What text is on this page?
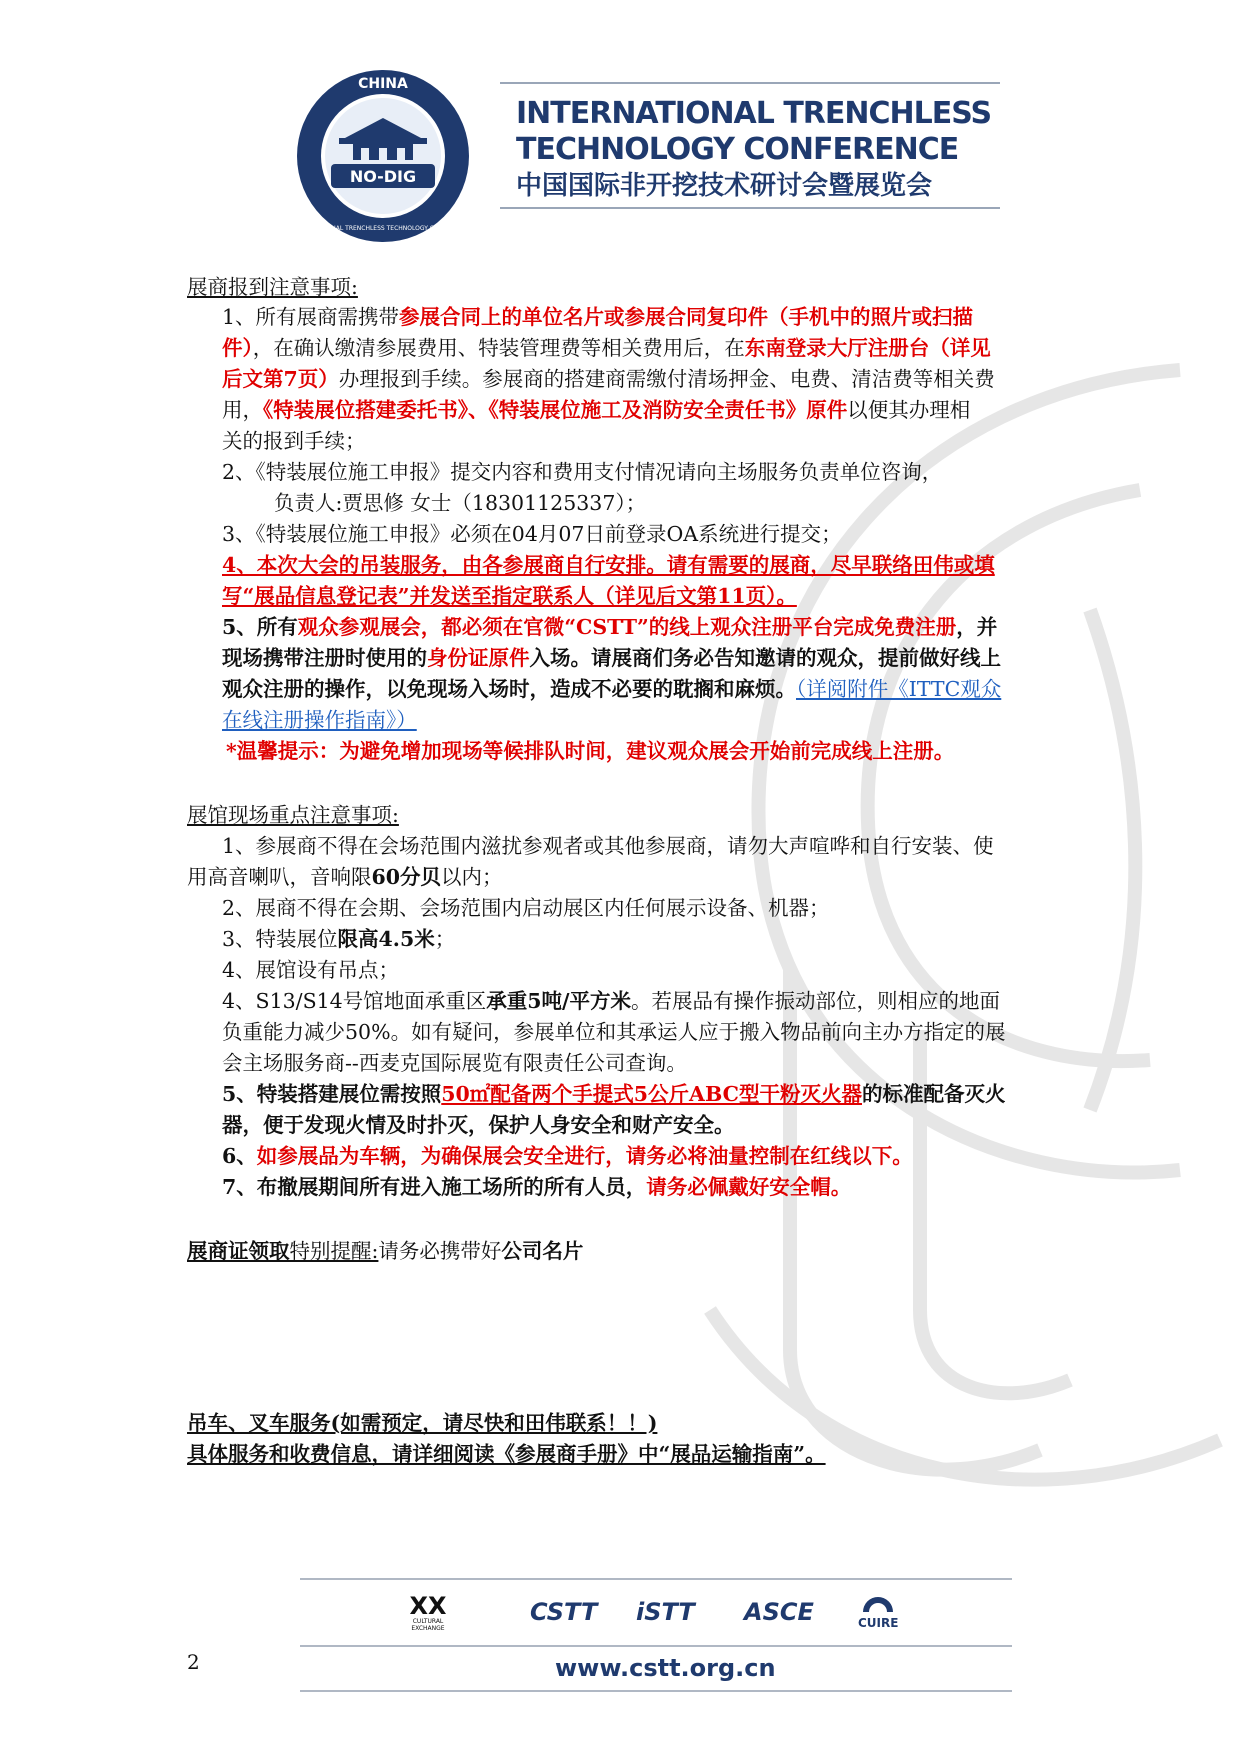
NO-DIG
CHINA
INTERNATIONAL TRENCHLESS TECHNOLOGY CONFERENCE
INTERNATIONAL TRENCHLESS
TECHNOLOGY CONFERENCE
中国国际非开挖技术研讨会暨展览会
展商报到注意事项:
1、所有展商需携带参展合同上的单位名片或参展合同复印件（手机中的照片或扫描
件），在确认缴清参展费用、特装管理费等相关费用后，在东南登录大厅注册台（详见
后文第7页）办理报到手续。参展商的搭建商需缴付清场押金、电费、清洁费等相关费
用，《特装展位搭建委托书》、《特装展位施工及消防安全责任书》原件以便其办理相
关的报到手续；
2、《特装展位施工申报》提交内容和费用支付情况请向主场服务负责单位咨询，
负责人:贾思修 女士（18301125337）；
3、《特装展位施工申报》必须在04月07日前登录OA系统进行提交；
4、本次大会的吊装服务，由各参展商自行安排。请有需要的展商，尽早联络田伟或填
写“展品信息登记表”并发送至指定联系人（详见后文第11页）。
5、所有观众参观展会，都必须在官微“CSTT”的线上观众注册平台完成免费注册，并
现场携带注册时使用的身份证原件入场。请展商们务必告知邀请的观众，提前做好线上
观众注册的操作，以免现场入场时，造成不必要的耽搁和麻烦。（详阅附件《ITTC观众
在线注册操作指南》）
*温馨提示：为避免增加现场等候排队时间，建议观众展会开始前完成线上注册。
展馆现场重点注意事项:
1、参展商不得在会场范围内滋扰参观者或其他参展商，请勿大声喧哗和自行安装、使
用高音喇叭，音响限60分贝以内；
2、展商不得在会期、会场范围内启动展区内任何展示设备、机器；
3、特装展位限高4.5米；
4、展馆设有吊点；
4、S13/S14号馆地面承重区承重5吨/平方米。若展品有操作振动部位，则相应的地面
负重能力减少50%。如有疑问，参展单位和其承运人应于搬入物品前向主办方指定的展
会主场服务商--西麦克国际展览有限责任公司查询。
5、特装搭建展位需按照50㎡配备两个手提式5公斤ABC型干粉灭火器的标准配备灭火
器，便于发现火情及时扑灭，保护人身安全和财产安全。
6、如参展品为车辆，为确保展会安全进行，请务必将油量控制在红线以下。
7、布撤展期间所有进入施工场所的所有人员，请务必佩戴好安全帽。
展商证领取特别提醒:请务必携带好公司名片
吊车、叉车服务(如需预定，请尽快和田伟联系！！)
具体服务和收费信息，请详细阅读《参展商手册》中“展品运输指南”。
XX
CULTURAL EXCHANGE
CSTT iSTT ASCE	CUIRE
2	www.cstt.org.cn
